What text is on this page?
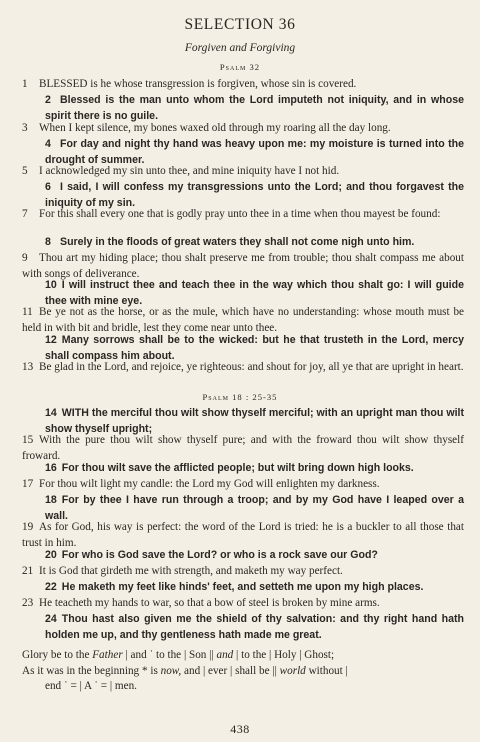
SELECTION 36
Forgiven and Forgiving
Psalm 32
1 BLESSED is he whose transgression is forgiven, whose sin is covered.
2 Blessed is the man unto whom the Lord imputeth not iniquity, and in whose spirit there is no guile.
3 When I kept silence, my bones waxed old through my roaring all the day long.
4 For day and night thy hand was heavy upon me: my moisture is turned into the drought of summer.
5 I acknowledged my sin unto thee, and mine iniquity have I not hid.
6 I said, I will confess my transgressions unto the Lord; and thou forgavest the iniquity of my sin.
7 For this shall every one that is godly pray unto thee in a time when thou mayest be found:
8 Surely in the floods of great waters they shall not come nigh unto him.
9 Thou art my hiding place; thou shalt preserve me from trouble; thou shalt compass me about with songs of deliverance.
10 I will instruct thee and teach thee in the way which thou shalt go: I will guide thee with mine eye.
11 Be ye not as the horse, or as the mule, which have no understanding: whose mouth must be held in with bit and bridle, lest they come near unto thee.
12 Many sorrows shall be to the wicked: but he that trusteth in the Lord, mercy shall compass him about.
13 Be glad in the Lord, and rejoice, ye righteous: and shout for joy, all ye that are upright in heart.
Psalm 18 : 25-35
14 WITH the merciful thou wilt show thyself merciful; with an upright man thou wilt show thyself upright;
15 With the pure thou wilt show thyself pure; and with the froward thou wilt show thyself froward.
16 For thou wilt save the afflicted people; but wilt bring down high looks.
17 For thou wilt light my candle: the Lord my God will enlighten my darkness.
18 For by thee I have run through a troop; and by my God have I leaped over a wall.
19 As for God, his way is perfect: the word of the Lord is tried: he is a buckler to all those that trust in him.
20 For who is God save the Lord? or who is a rock save our God?
21 It is God that girdeth me with strength, and maketh my way perfect.
22 He maketh my feet like hinds' feet, and setteth me upon my high places.
23 He teacheth my hands to war, so that a bow of steel is broken by mine arms.
24 Thou hast also given me the shield of thy salvation: and thy right hand hath holden me up, and thy gentleness hath made me great.
Glory be to the Father | and ˙ to the | Son || and | to the | Holy | Ghost;
As it was in the beginning * is now, and | ever | shall be || world without |
end ˙ = | A ˙ = | men.
438
